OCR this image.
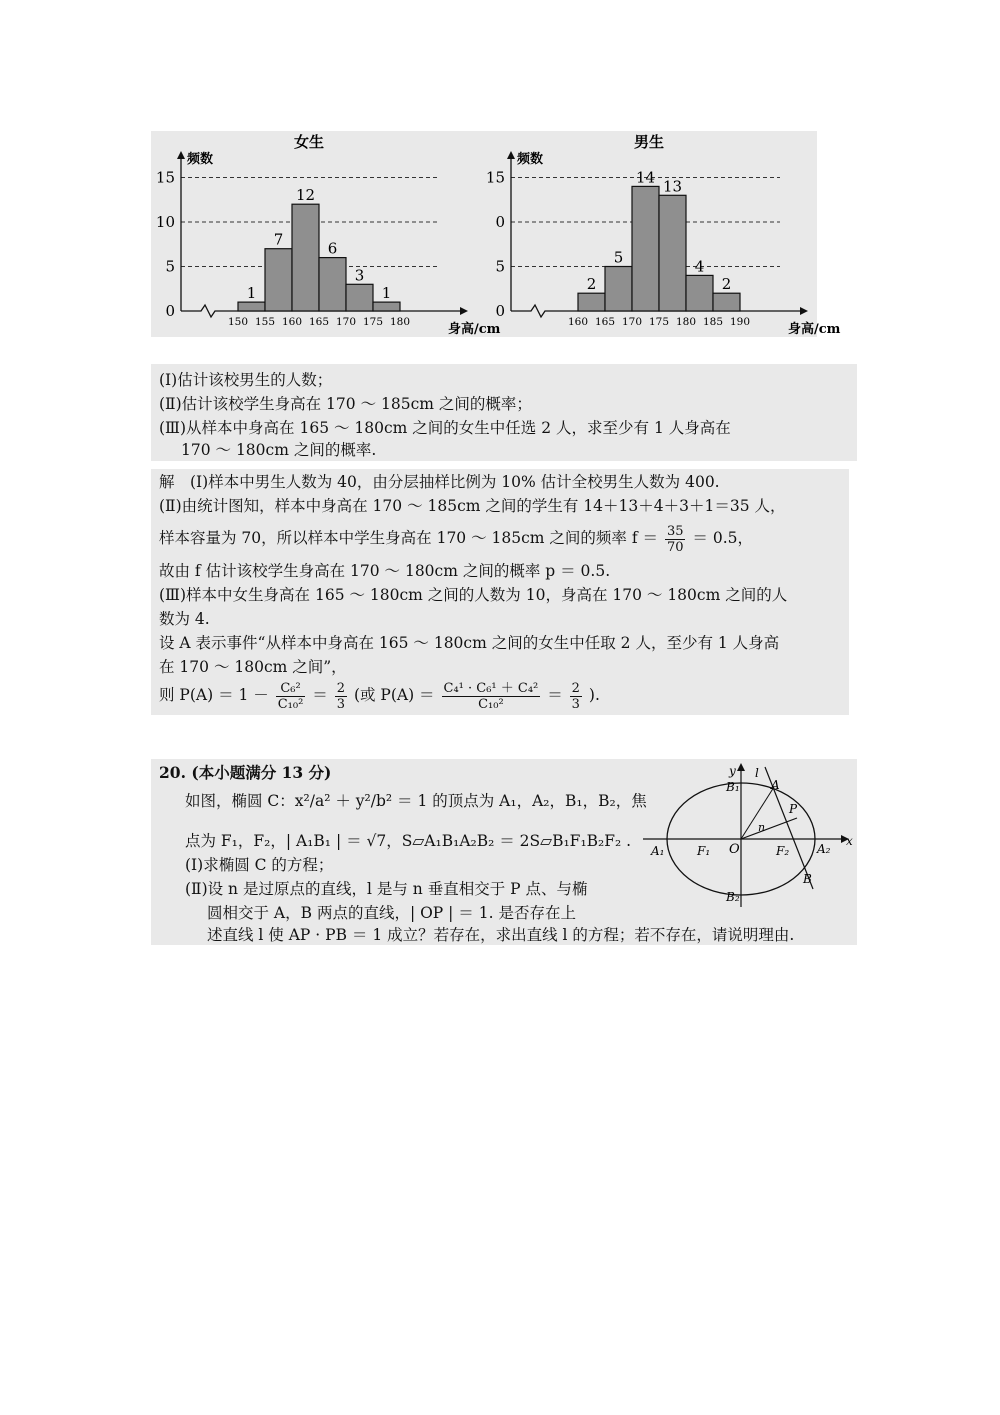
女生
频数
身高/cm
0
5
10
15
1
7
12
6
3
1
150 155 160 165 170 175 180
男生
频数
身高/cm
0
5
0
15
2
5
14 13
4
2
160 165 170 175 180 185 190
(Ⅰ)估计该校男生的人数；
(Ⅱ)估计该校学生身高在 170 ～ 185cm 之间的概率；
(Ⅲ)从样本中身高在 165 ～ 180cm 之间的女生中任选 2 人，求至少有 1 人身高在
170 ～ 180cm 之间的概率.
解　(Ⅰ)样本中男生人数为 40，由分层抽样比例为 10% 估计全校男生人数为 400.
(Ⅱ)由统计图知，样本中身高在 170 ～ 185cm 之间的学生有 14＋13＋4＋3＋1＝35 人，
样本容量为 70，所以样本中学生身高在 170 ～ 185cm 之间的频率 $f = \frac{35}{70} = 0.5$，
故由 f 估计该校学生身高在 170 ～ 180cm 之间的概率 p ＝ 0.5.
(Ⅲ)样本中女生身高在 165 ～ 180cm 之间的人数为 10，身高在 170 ～ 180cm 之间的人
数为 4.
设 A 表示事件“从样本中身高在 165 ～ 180cm 之间的女生中任取 2 人，至少有 1 人身高
在 170 ～ 180cm 之间”，
则 $P(A) = 1 - \frac{\text{C₆²}}{\text{C₁₀²}} = \frac{2}{3}$ (或 $P(A) = \frac{\text{C₄¹ · C₆¹ ＋ C₄²}}{\text{C₁₀²}} = \frac{2}{3}$ ).
20. (本小题满分 13 分)
如图，椭圆 C：x²/a² ＋ y²/b² ＝ 1 的顶点为 A₁，A₂，B₁，B₂，焦
点为 F₁，F₂，| A₁B₁ | ＝ √7，S▱A₁B₁A₂B₂ ＝ 2S▱B₁F₁B₂F₂ .
(Ⅰ)求椭圆 C 的方程；
(Ⅱ)设 n 是过原点的直线，l 是与 n 垂直相交于 P 点、与椭
圆相交于 A，B 两点的直线，| OP | ＝ 1. 是否存在上
述直线 l 使 AP · PB ＝ 1 成立？若存在，求出直线 l 的方程；若不存在，请说明理由.
y
x
O
A₁	A₂
B₁
B₂
F₁	F₂
A
B
P
n
l
